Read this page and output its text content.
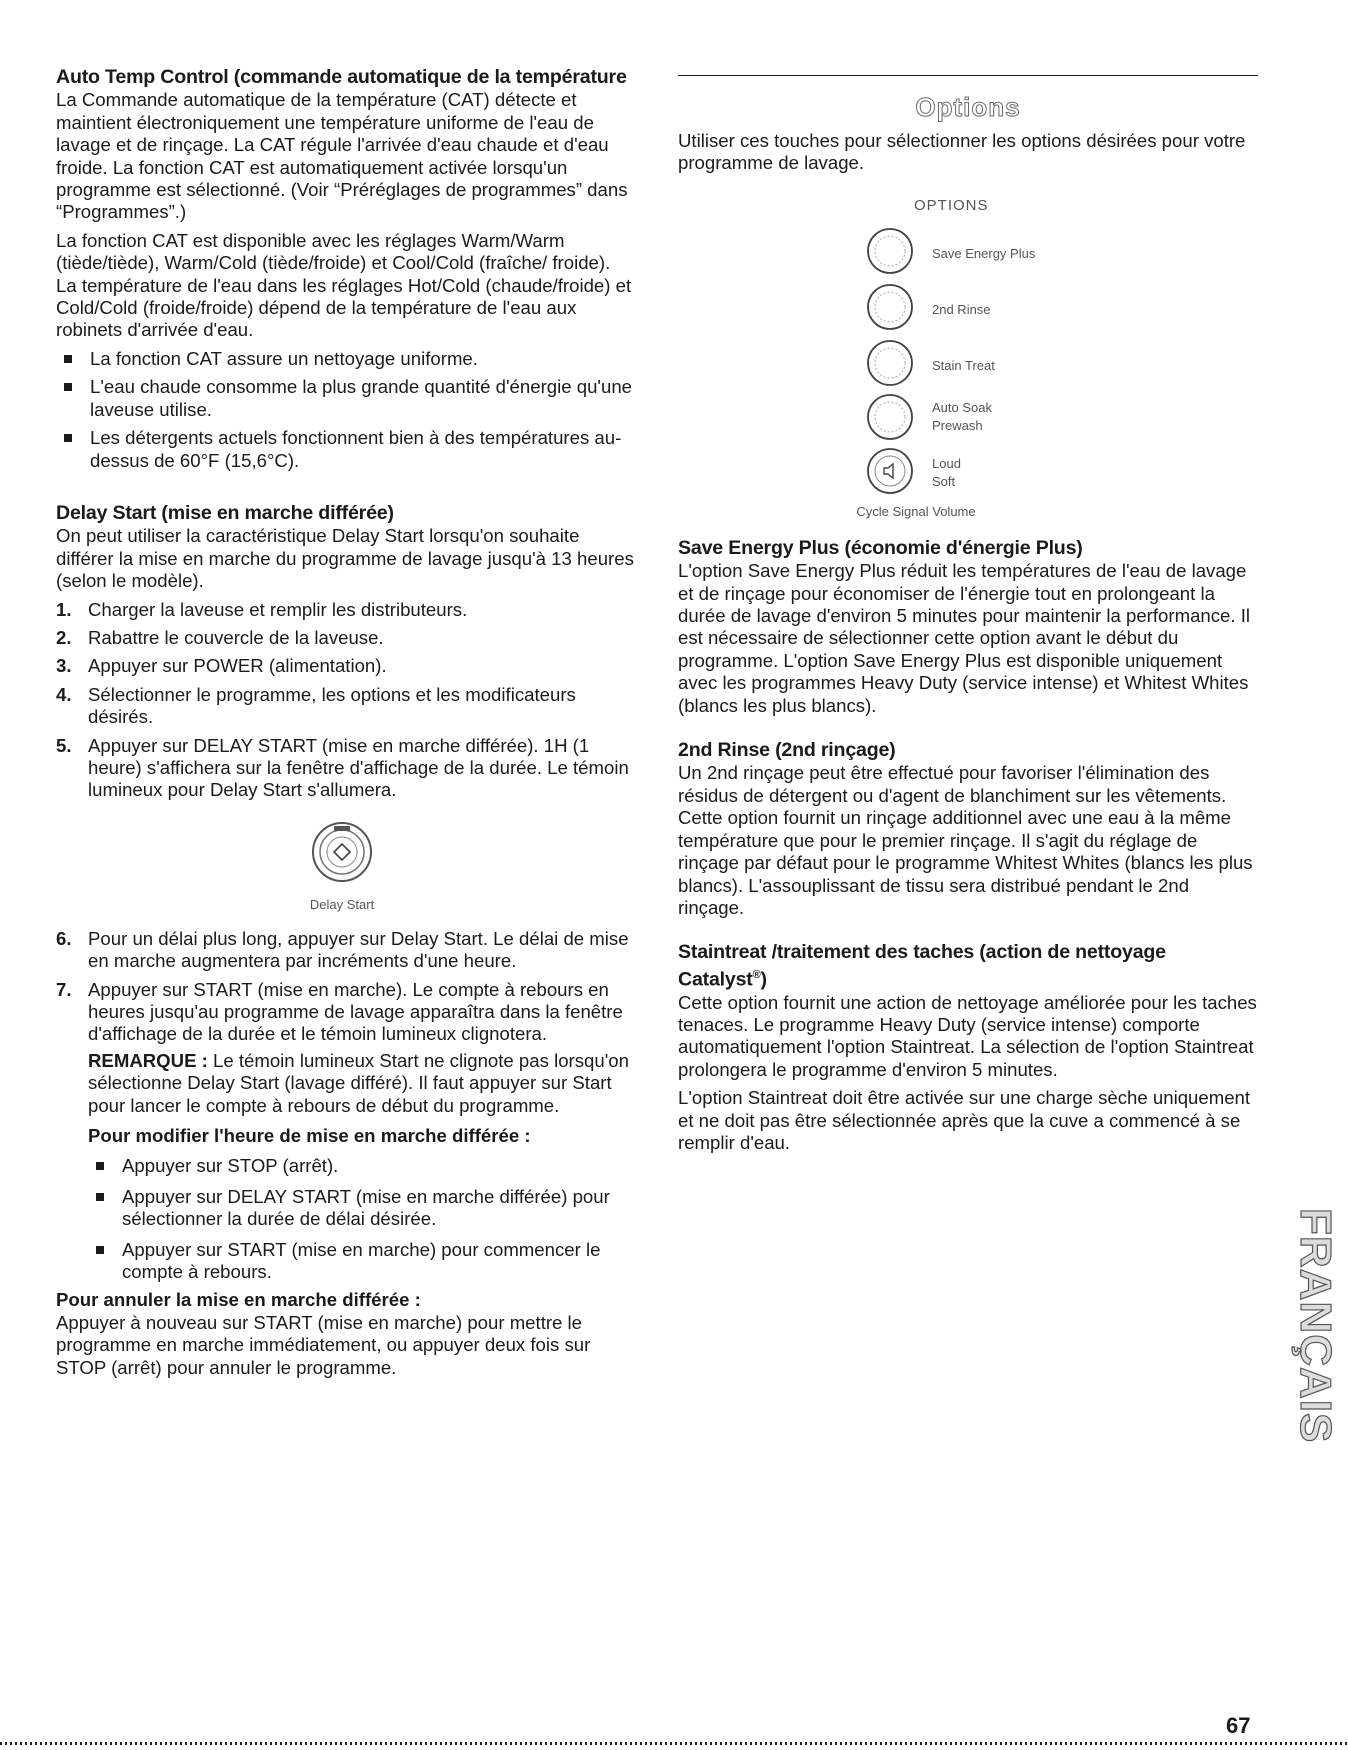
Auto Temp Control (commande automatique de la température

La Commande automatique de la température (CAT) détecte et maintient électroniquement une température uniforme de l'eau de lavage et de rinçage. La CAT régule l'arrivée d'eau chaude et d'eau froide. La fonction CAT est automatiquement activée lorsqu'un programme est sélectionné. (Voir “Préréglages de programmes” dans “Programmes”.)

La fonction CAT est disponible avec les réglages Warm/Warm (tiède/tiède), Warm/Cold (tiède/froide) et Cool/Cold (fraîche/ froide). La température de l'eau dans les réglages Hot/Cold (chaude/froide) et Cold/Cold (froide/froide) dépend de la température de l'eau aux robinets d'arrivée d'eau.

La fonction CAT assure un nettoyage uniforme.
L'eau chaude consomme la plus grande quantité d'énergie qu'une laveuse utilise.
Les détergents actuels fonctionnent bien à des températures au-dessus de 60°F (15,6°C).
Delay Start (mise en marche différée)

On peut utiliser la caractéristique Delay Start lorsqu'on souhaite différer la mise en marche du programme de lavage jusqu'à 13 heures (selon le modèle).

1. Charger la laveuse et remplir les distributeurs.
2. Rabattre le couvercle de la laveuse.
3. Appuyer sur POWER (alimentation).
4. Sélectionner le programme, les options et les modificateurs désirés.
5. Appuyer sur DELAY START (mise en marche différée). 1H (1 heure) s'affichera sur la fenêtre d'affichage de la durée. Le témoin lumineux pour Delay Start s'allumera.
Delay Start
6. Pour un délai plus long, appuyer sur Delay Start. Le délai de mise en marche augmentera par incréments d'une heure.
7. Appuyer sur START (mise en marche). Le compte à rebours en heures jusqu'au programme de lavage apparaîtra dans la fenêtre d'affichage de la durée et le témoin lumineux clignotera.

REMARQUE : Le témoin lumineux Start ne clignote pas lorsqu'on sélectionne Delay Start (lavage différé). Il faut appuyer sur Start pour lancer le compte à rebours de début du programme.

Pour modifier l'heure de mise en marche différée :

Appuyer sur STOP (arrêt).
Appuyer sur DELAY START (mise en marche différée) pour sélectionner la durée de délai désirée.
Appuyer sur START (mise en marche) pour commencer le compte à rebours.

Pour annuler la mise en marche différée :

Appuyer à nouveau sur START (mise en marche) pour mettre le programme en marche immédiatement, ou appuyer deux fois sur STOP (arrêt) pour annuler le programme.

Options

Utiliser ces touches pour sélectionner les options désirées pour votre programme de lavage.

OPTIONS
Save Energy Plus
2nd Rinse
Stain Treat
Auto Soak
Prewash
Loud
Soft
Cycle Signal Volume
Save Energy Plus (économie d'énergie Plus)

L'option Save Energy Plus réduit les températures de l'eau de lavage et de rinçage pour économiser de l'énergie tout en prolongeant la durée de lavage d'environ 5 minutes pour maintenir la performance. Il est nécessaire de sélectionner cette option avant le début du programme. L'option Save Energy Plus est disponible uniquement avec les programmes Heavy Duty (service intense) et Whitest Whites (blancs les plus blancs).

2nd Rinse (2nd rinçage)

Un 2nd rinçage peut être effectué pour favoriser l'élimination des résidus de détergent ou d'agent de blanchiment sur les vêtements. Cette option fournit un rinçage additionnel avec une eau à la même température que pour le premier rinçage. Il s'agit du réglage de rinçage par défaut pour le programme Whitest Whites (blancs les plus blancs). L'assouplissant de tissu sera distribué pendant le 2nd rinçage.

Staintreat /traitement des taches (action de nettoyage Catalyst®)

Cette option fournit une action de nettoyage améliorée pour les taches tenaces. Le programme Heavy Duty (service intense) comporte automatiquement l'option Staintreat. La sélection de l'option Staintreat prolongera le programme d'environ 5 minutes.

L'option Staintreat doit être activée sur une charge sèche uniquement et ne doit pas être sélectionnée après que la cuve a commencé à se remplir d'eau.

FRANÇAIS
67
